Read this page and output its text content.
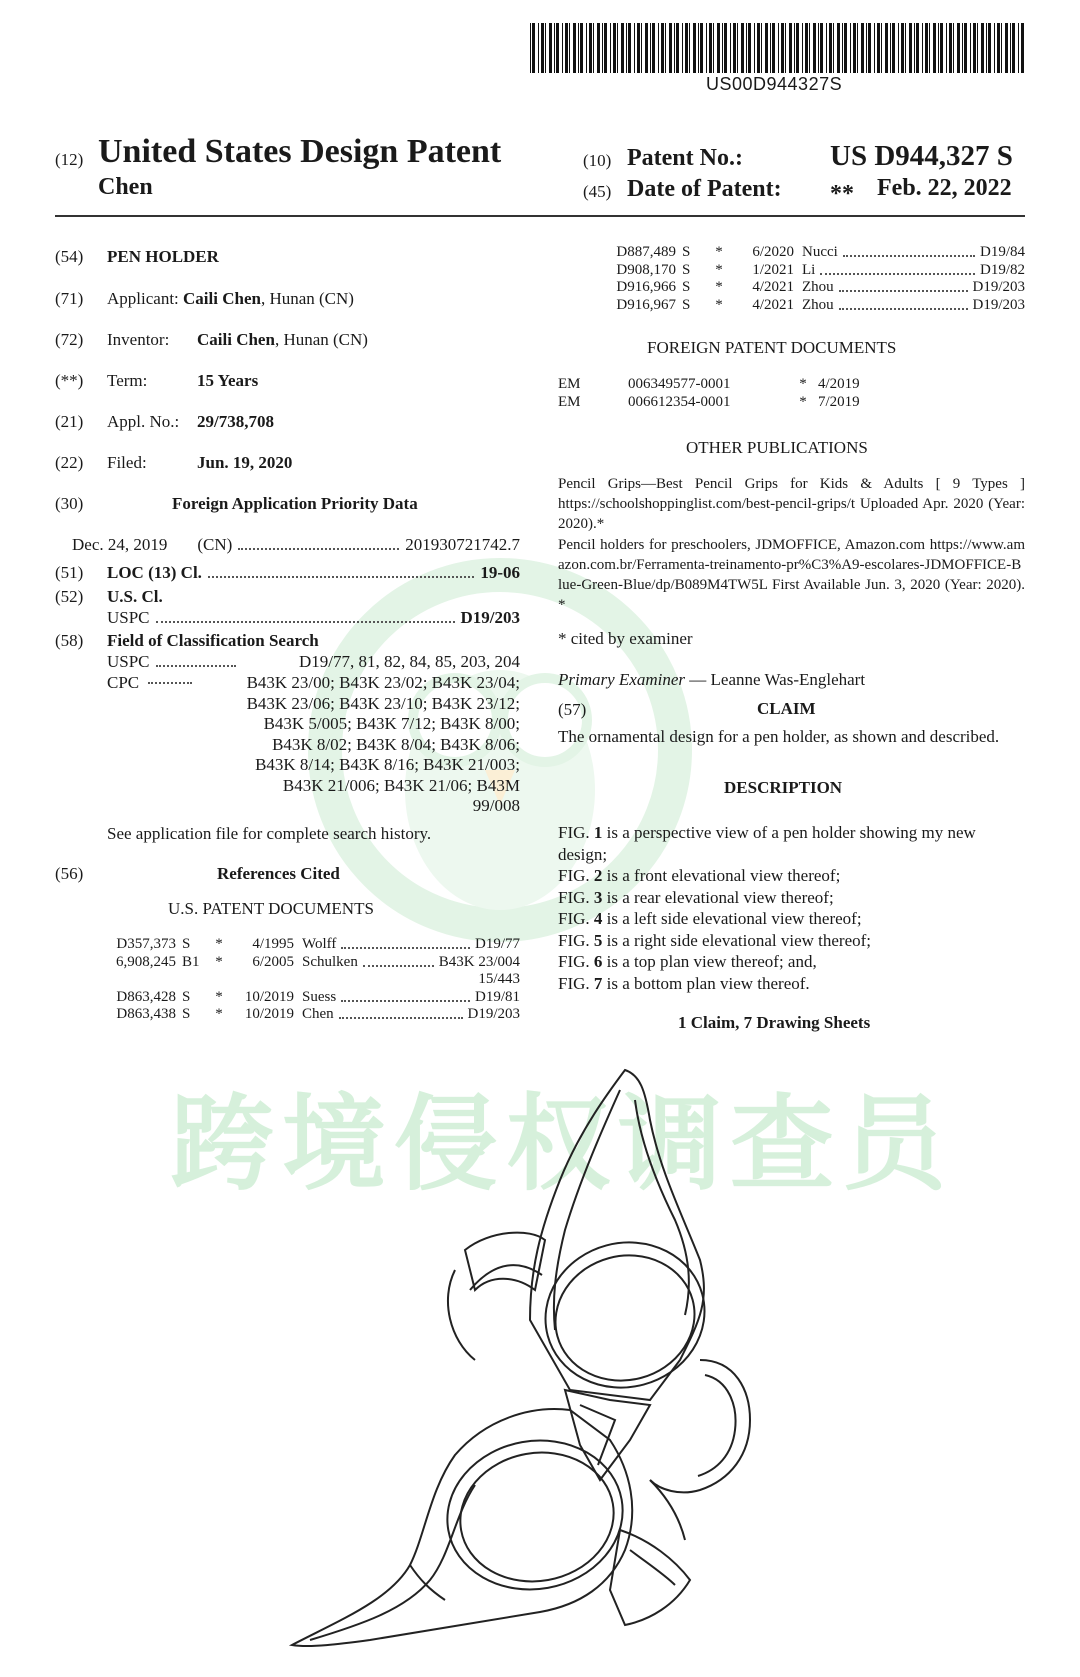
US00D944327S
(12) United States Design Patent
Chen
(10) Patent No.:	US D944,327 S
(45) Date of Patent: ** Feb. 22, 2022
(54) PEN HOLDER
(71) Applicant: Caili Chen, Hunan (CN)
(72) Inventor: Caili Chen, Hunan (CN)
(**) Term:	15 Years
(21) Appl. No.: 29/738,708
(22) Filed:	Jun. 19, 2020
(30)	Foreign Application Priority Data
Dec. 24, 2019 (CN)	201930721742.7
(51) LOC (13) Cl.	19-06
(52) U.S. Cl.
USPC	D19/203
(58) Field of Classification Search
USPC	D19/77, 81, 82, 84, 85, 203, 204
CPC	B43K 23/00; B43K 23/02; B43K 23/04;
B43K 23/06; B43K 23/10; B43K 23/12;
B43K 5/005; B43K 7/12; B43K 8/00;
B43K 8/02; B43K 8/04; B43K 8/06;
B43K 8/14; B43K 8/16; B43K 21/003;
B43K 21/006; B43K 21/06; B43M
99/008
See application file for complete search history.
(56)	References Cited
U.S. PATENT DOCUMENTS
D357,373 S	*	4/1995 Wolff	D19/77
6,908,245 B1	*	6/2005 Schulken	B43K 23/004
15/443
D863,428 S	*	10/2019 Suess	D19/81
D863,438 S	*	10/2019 Chen	D19/203
D887,489 S	*	6/2020 Nucci	D19/84
D908,170 S	*	1/2021 Li	D19/82
D916,966 S	*	4/2021 Zhou	D19/203
D916,967 S	*	4/2021 Zhou	D19/203
FOREIGN PATENT DOCUMENTS
EM	006349577-0001	* 4/2019
EM	006612354-0001	* 7/2019
OTHER PUBLICATIONS
Pencil Grips—Best Pencil Grips for Kids & Adults [ 9 Types ] https://schoolshoppinglist.com/best-pencil-grips/t Uploaded Apr. 2020 (Year: 2020).*
Pencil holders for preschoolers, JDMOFFICE, Amazon.com https://www.amazon.com.br/Ferramenta-treinamento-pr%C3%A9-escolares-JDMOFFICE-Blue-Green-Blue/dp/B089M4TW5L First Available Jun. 3, 2020 (Year: 2020).*
* cited by examiner
Primary Examiner — Leanne Was-Englehart
(57)	CLAIM
The ornamental design for a pen holder, as shown and described.
DESCRIPTION
FIG. 1 is a perspective view of a pen holder showing my new design;
FIG. 2 is a front elevational view thereof;
FIG. 3 is a rear elevational view thereof;
FIG. 4 is a left side elevational view thereof;
FIG. 5 is a right side elevational view thereof;
FIG. 6 is a top plan view thereof; and,
FIG. 7 is a bottom plan view thereof.
1 Claim, 7 Drawing Sheets
跨境侵权调查员
